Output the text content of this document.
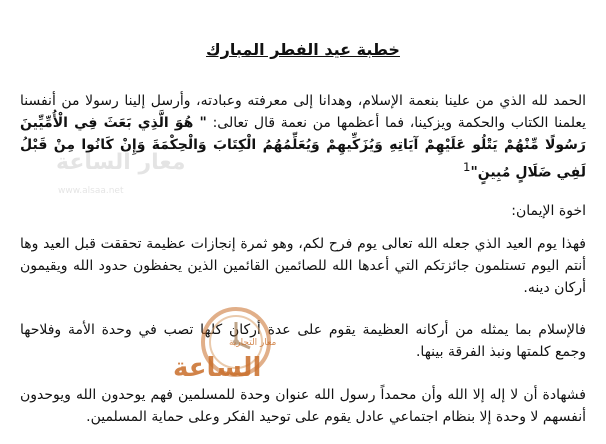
خطبة عيد الفطر المبارك

الحمد لله الذي من علينا بنعمة الإسلام، وهدانا إلى معرفته وعبادته، وأرسل إلينا رسولا من أنفسنا يعلمنا الكتاب والحكمة ويزكينا، فما أعظمها من نعمة قال تعالى: " هُوَ الَّذِي بَعَثَ فِي الْأُمِّيِّينَ رَسُولًا مِّنْهُمْ يَتْلُو عَلَيْهِمْ آيَاتِهِ وَيُزَكِّيهِمْ وَيُعَلِّمُهُمُ الْكِتَابَ وَالْحِكْمَةَ وَإِنْ كَانُوا مِنْ قَبْلُ لَفِي ضَلَالٍ مُبِينٍ"$^1$

اخوة الإيمان:

فهذا يوم العيد الذي جعله الله تعالى يوم فرح لكم، وهو ثمرة إنجازات عظيمة تحققت قبل العيد وها أنتم اليوم تستلمون جائزتكم التي أعدها الله للصائمين القائمين الذين يحفظون حدود الله ويقيمون أركان دينه.

فالإسلام بما يمثله من أركانه العظيمة يقوم على عدة أركان كلها تصب في وحدة الأمة وفلاحها وجمع كلمتها ونبذ الفرقة بينها.

فشهادة أن لا إله إلا الله وأن محمداً رسول الله عنوان وحدة للمسلمين فهم يوحدون الله ويوحدون أنفسهم لا وحدة إلا بنظام اجتماعي عادل يقوم على توحيد الفكر وعلى حماية المسلمين.

معار الساعة
www.alsaa.net
معار التجارية
الساعة
